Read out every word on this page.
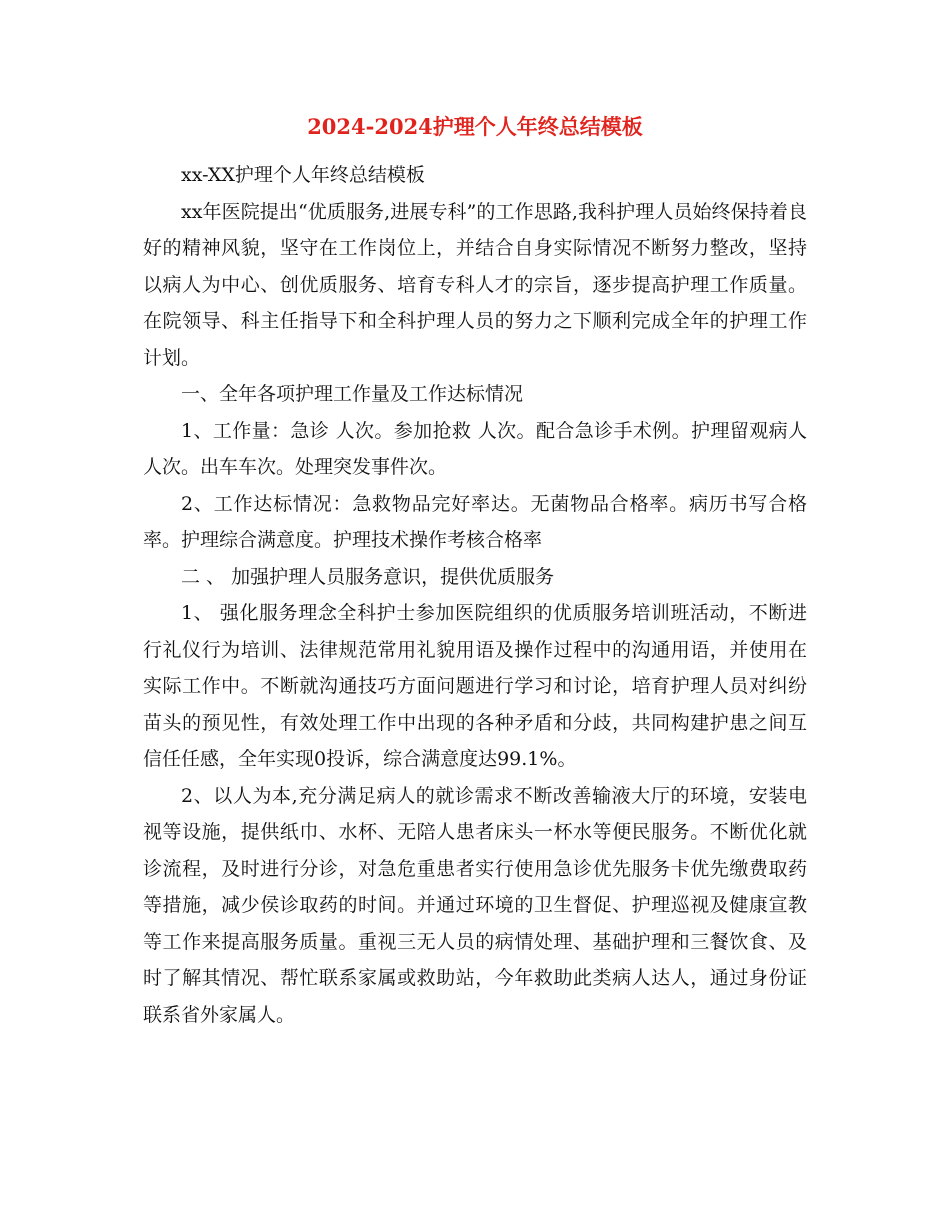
2024-2024护理个人年终总结模板

xx-XX护理个人年终总结模板

xx年医院提出“优质服务,进展专科”的工作思路,我科护理人员始终保持着良好的精神风貌，坚守在工作岗位上，并结合自身实际情况不断努力整改，坚持以病人为中心、创优质服务、培育专科人才的宗旨，逐步提高护理工作质量。在院领导、科主任指导下和全科护理人员的努力之下顺利完成全年的护理工作计划。

一、全年各项护理工作量及工作达标情况

1、工作量：急诊 人次。参加抢救 人次。配合急诊手术例。护理留观病人人次。出车车次。处理突发事件次。

2、工作达标情况：急救物品完好率达。无菌物品合格率。病历书写合格率。护理综合满意度。护理技术操作考核合格率

二 、 加强护理人员服务意识，提供优质服务

1、 强化服务理念全科护士参加医院组织的优质服务培训班活动，不断进行礼仪行为培训、法律规范常用礼貌用语及操作过程中的沟通用语，并使用在实际工作中。不断就沟通技巧方面问题进行学习和讨论，培育护理人员对纠纷苗头的预见性，有效处理工作中出现的各种矛盾和分歧，共同构建护患之间互信任任感，全年实现0投诉，综合满意度达99.1%。

2、以人为本,充分满足病人的就诊需求不断改善输液大厅的环境，安装电视等设施，提供纸巾、水杯、无陪人患者床头一杯水等便民服务。不断优化就诊流程，及时进行分诊，对急危重患者实行使用急诊优先服务卡优先缴费取药等措施，减少侯诊取药的时间。并通过环境的卫生督促、护理巡视及健康宣教等工作来提高服务质量。重视三无人员的病情处理、基础护理和三餐饮食、及时了解其情况、帮忙联系家属或救助站，今年救助此类病人达人，通过身份证联系省外家属人。
